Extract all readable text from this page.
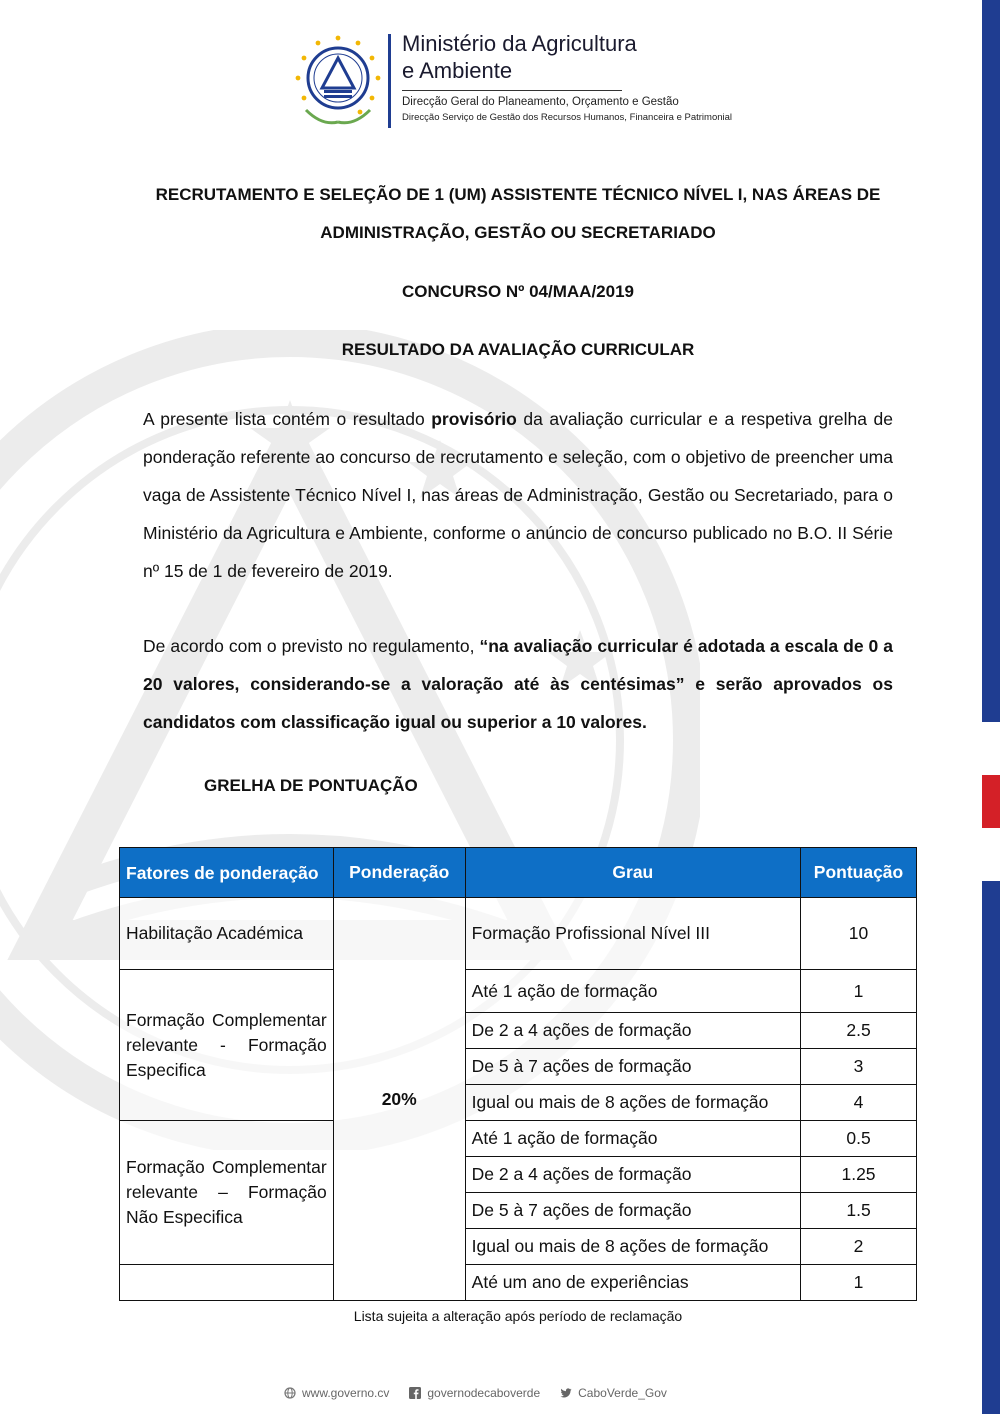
Ministério da Agricultura
e Ambiente
Direcção Geral do Planeamento, Orçamento e Gestão
Direcção Serviço de Gestão dos Recursos Humanos, Financeira e Patrimonial
RECRUTAMENTO E SELEÇÃO DE 1 (UM) ASSISTENTE TÉCNICO NÍVEL I, NAS ÁREAS DE
ADMINISTRAÇÃO, GESTÃO OU SECRETARIADO
CONCURSO Nº 04/MAA/2019
RESULTADO DA AVALIAÇÃO CURRICULAR
A presente lista contém o resultado provisório da avaliação curricular e a respetiva grelha de ponderação referente ao concurso de recrutamento e seleção, com o objetivo de preencher uma vaga de Assistente Técnico Nível I, nas áreas de Administração, Gestão ou Secretariado, para o Ministério da Agricultura e Ambiente, conforme o anúncio de concurso publicado no B.O. II Série nº 15 de 1 de fevereiro de 2019.
De acordo com o previsto no regulamento, “na avaliação curricular é adotada a escala de 0 a 20 valores, considerando-se a valoração até às centésimas” e serão aprovados os candidatos com classificação igual ou superior a 10 valores.
GRELHA DE PONTUAÇÃO
Fatores de ponderação	Ponderação	Grau	Pontuação
Habilitação Académica	20%	Formação Profissional Nível III	10
Formação Complementar relevante - Formação Especifica		Até 1 ação de formação	1
		De 2 a 4 ações de formação	2.5
		De 5 à 7 ações de formação	3
		Igual ou mais de 8 ações de formação	4
Formação Complementar relevante – Formação Não Especifica		Até 1 ação de formação	0.5
		De 2 a 4 ações de formação	1.25
		De 5 à 7 ações de formação	1.5
		Igual ou mais de 8 ações de formação	2
		Até um ano de experiências	1
Lista sujeita a alteração após período de reclamação
www.governo.cv	governodecaboverde	CaboVerde_Gov
